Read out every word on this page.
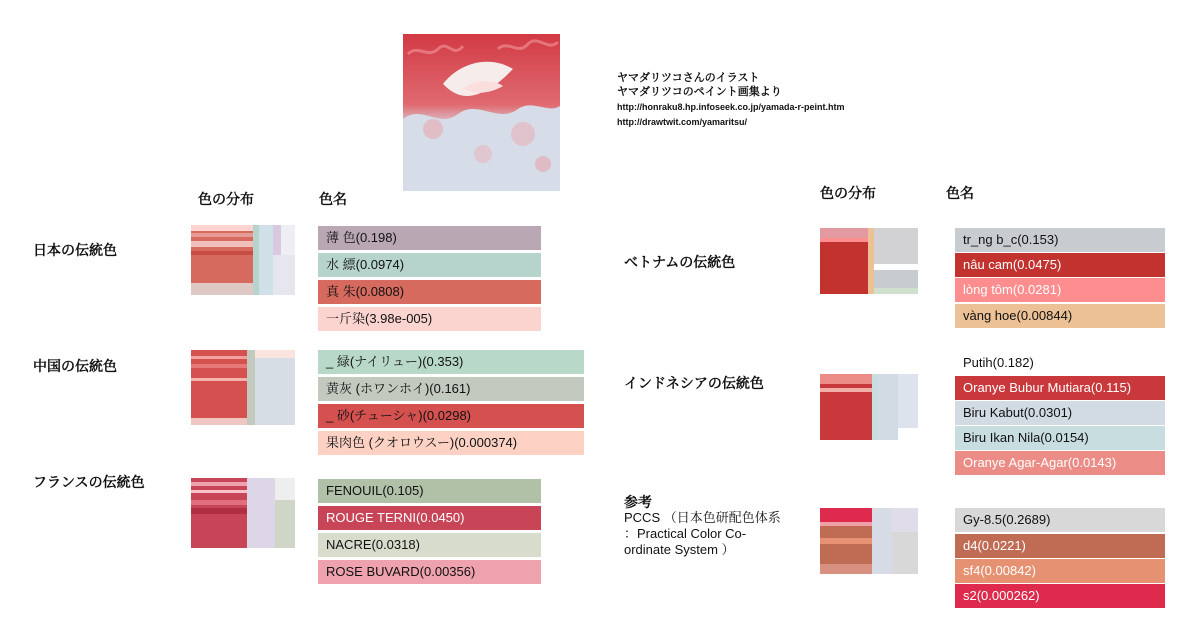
ヤマダリツコさんのイラスト
ヤマダリツコのペイント画集より
http://honraku8.hp.infoseek.co.jp/yamada-r-peint.htm
http://drawtwit.com/yamaritsu/
色の分布	色名	色の分布	色名
日本の伝統色
中国の伝統色
フランスの伝統色
ベトナムの伝統色
インドネシアの伝統色
参考
PCCS （日本色研配色体系
：Practical Color Co-
ordinate System ）
薄 色(0.198)
水 縹(0.0974)
真 朱(0.0808)
一斤染(3.98e-005)
_ 緑(ナイリュー)(0.353)
黄灰 (ホワンホイ)(0.161)
_ 砂(チューシャ)(0.0298)
果肉色 (クオロウスー)(0.000374)
FENOUIL(0.105)
ROUGE TERNI(0.0450)
NACRE(0.0318)
ROSE BUVARD(0.00356)
tr_ng b_c(0.153)
nâu cam(0.0475)
lòng tôm(0.0281)
vàng hoe(0.00844)
Putih(0.182)
Oranye Bubur Mutiara(0.115)
Biru Kabut(0.0301)
Biru Ikan Nila(0.0154)
Oranye Agar-Agar(0.0143)
Gy-8.5(0.2689)
d4(0.0221)
sf4(0.00842)
s2(0.000262)
